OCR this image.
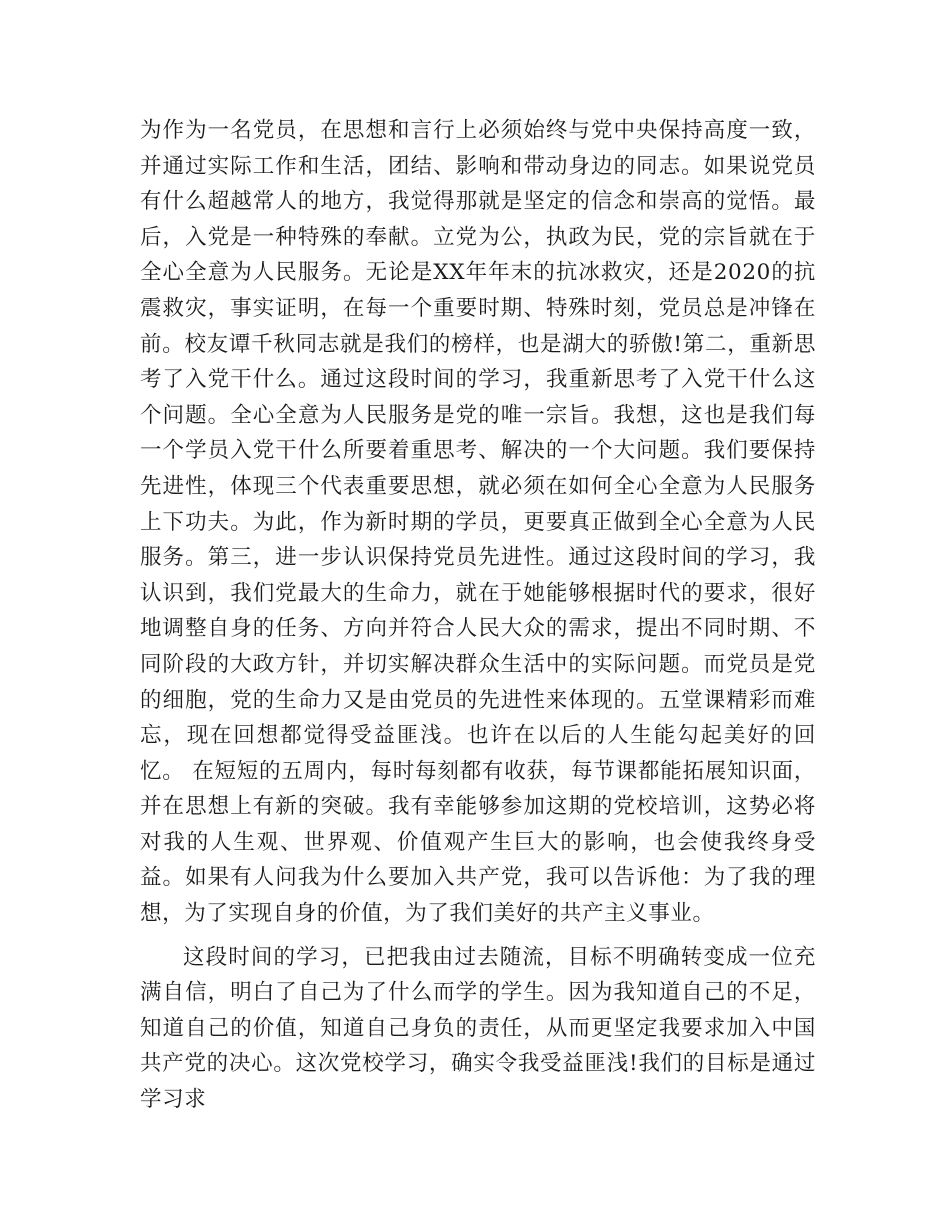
为作为一名党员，在思想和言行上必须始终与党中央保持高度一致，并通过实际工作和生活，团结、影响和带动身边的同志。如果说党员有什么超越常人的地方，我觉得那就是坚定的信念和崇高的觉悟。最后，入党是一种特殊的奉献。立党为公，执政为民，党的宗旨就在于全心全意为人民服务。无论是XX年年末的抗冰救灾，还是2020的抗震救灾，事实证明，在每一个重要时期、特殊时刻，党员总是冲锋在前。校友谭千秋同志就是我们的榜样，也是湖大的骄傲!第二，重新思考了入党干什么。通过这段时间的学习，我重新思考了入党干什么这个问题。全心全意为人民服务是党的唯一宗旨。我想，这也是我们每一个学员入党干什么所要着重思考、解决的一个大问题。我们要保持先进性，体现三个代表重要思想，就必须在如何全心全意为人民服务上下功夫。为此，作为新时期的学员，更要真正做到全心全意为人民服务。第三，进一步认识保持党员先进性。通过这段时间的学习，我认识到，我们党最大的生命力，就在于她能够根据时代的要求，很好地调整自身的任务、方向并符合人民大众的需求，提出不同时期、不同阶段的大政方针，并切实解决群众生活中的实际问题。而党员是党的细胞，党的生命力又是由党员的先进性来体现的。五堂课精彩而难忘，现在回想都觉得受益匪浅。也许在以后的人生能勾起美好的回忆。 在短短的五周内，每时每刻都有收获，每节课都能拓展知识面，并在思想上有新的突破。我有幸能够参加这期的党校培训，这势必将对我的人生观、世界观、价值观产生巨大的影响，也会使我终身受益。如果有人问我为什么要加入共产党，我可以告诉他：为了我的理想，为了实现自身的价值，为了我们美好的共产主义事业。

这段时间的学习，已把我由过去随流，目标不明确转变成一位充满自信，明白了自己为了什么而学的学生。因为我知道自己的不足，知道自己的价值，知道自己身负的责任，从而更坚定我要求加入中国共产党的决心。这次党校学习，确实令我受益匪浅!我们的目标是通过学习求
